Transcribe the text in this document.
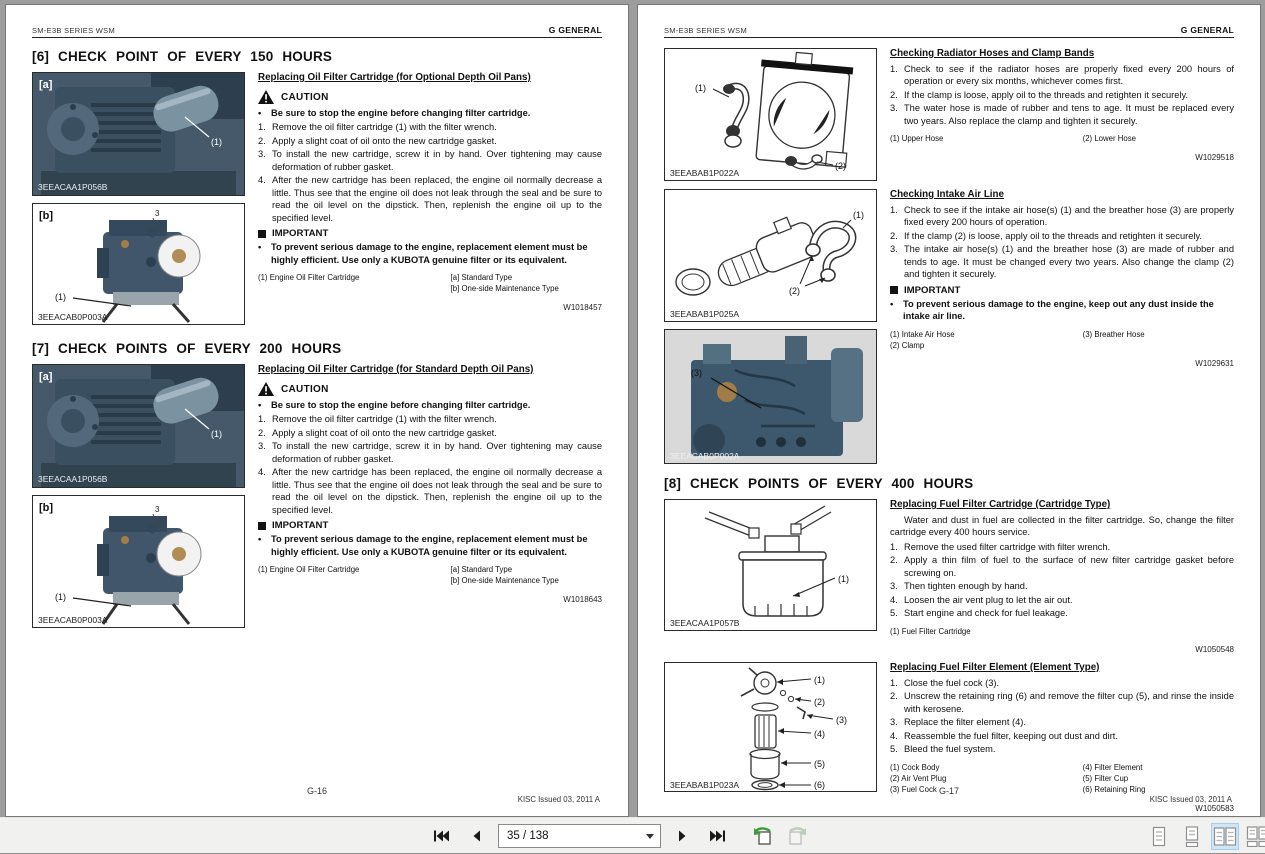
SM-E3B SERIES WSM	G GENERAL
[6] CHECK POINT OF EVERY 150 HOURS
(1)
[a]
3EEACAA1P056B
3
(1)
[b]
3EEACAB0P003A
Replacing Oil Filter Cartridge (for Optional Depth Oil Pans)
CAUTION
• Be sure to stop the engine before changing filter cartridge.
Remove the oil filter cartridge (1) with the filter wrench.
Apply a slight coat of oil onto the new cartridge gasket.
To install the new cartridge, screw it in by hand. Over tightening may cause deformation of rubber gasket.
After the new cartridge has been replaced, the engine oil normally decrease a little. Thus see that the engine oil does not leak through the seal and be sure to read the oil level on the dipstick. Then, replenish the engine oil up to the specified level.
IMPORTANT
• To prevent serious damage to the engine, replacement element must be highly efficient. Use only a KUBOTA genuine filter or its equivalent.
(1) Engine Oil Filter Cartridge	[a] Standard Type
[b] One-side Maintenance Type
W1018457
[7] CHECK POINTS OF EVERY 200 HOURS
(1)
[a]
3EEACAA1P056B
3
(1)
[b]
3EEACAB0P003A
Replacing Oil Filter Cartridge (for Standard Depth Oil Pans)
CAUTION
• Be sure to stop the engine before changing filter cartridge.
Remove the oil filter cartridge (1) with the filter wrench.
Apply a slight coat of oil onto the new cartridge gasket.
To install the new cartridge, screw it in by hand. Over tightening may cause deformation of rubber gasket.
After the new cartridge has been replaced, the engine oil normally decrease a little. Thus see that the engine oil does not leak through the seal and be sure to read the oil level on the dipstick. Then, replenish the engine oil up to the specified level.
IMPORTANT
• To prevent serious damage to the engine, replacement element must be highly efficient. Use only a KUBOTA genuine filter or its equivalent.
(1) Engine Oil Filter Cartridge	[a] Standard Type
[b] One-side Maintenance Type
W1018643
G-16
KISC Issued 03, 2011 A
SM-E3B SERIES WSM	G GENERAL
(1)
(2)
3EEABAB1P022A
Checking Radiator Hoses and Clamp Bands
Check to see if the radiator hoses are properly fixed every 200 hours of operation or every six months, whichever comes first.
If the clamp is loose, apply oil to the threads and retighten it securely.
The water hose is made of rubber and tens to age. It must be replaced every two years. Also replace the clamp and tighten it securely.
(1) Upper Hose	(2) Lower Hose
W1029518
(1)
(2)
3EEABAB1P025A
(3)
3EEACAB0P002A
Checking Intake Air Line
Check to see if the intake air hose(s) (1) and the breather hose (3) are properly fixed every 200 hours of operation.
If the clamp (2) is loose, apply oil to the threads and retighten it securely.
The intake air hose(s) (1) and the breather hose (3) are made of rubber and tends to age. It must be changed every two years. Also change the clamp (2) and tighten it securely.
IMPORTANT
• To prevent serious damage to the engine, keep out any dust inside the intake air line.
(1) Intake Air Hose
(2) Clamp
(3) Breather Hose
W1029631
[8] CHECK POINTS OF EVERY 400 HOURS
(1)
3EEACAA1P057B
Replacing Fuel Filter Cartridge (Cartridge Type)
Water and dust in fuel are collected in the filter cartridge. So, change the filter cartridge every 400 hours service.
Remove the used filter cartridge with filter wrench.
Apply a thin film of fuel to the surface of new filter cartridge gasket before screwing on.
Then tighten enough by hand.
Loosen the air vent plug to let the air out.
Start engine and check for fuel leakage.
(1) Fuel Filter Cartridge
W1050548
(1)
(2)
(3)
(4)
(5)
(6)
3EEABAB1P023A
Replacing Fuel Filter Element (Element Type)
Close the fuel cock (3).
Unscrew the retaining ring (6) and remove the filter cup (5), and rinse the inside with kerosene.
Replace the filter element (4).
Reassemble the fuel filter, keeping out dust and dirt.
Bleed the fuel system.
(1) Cock Body
(2) Air Vent Plug
(3) Fuel Cock
(4) Filter Element
(5) Filter Cup
(6) Retaining Ring
W1050583
G-17
KISC Issued 03, 2011 A
35 / 138
